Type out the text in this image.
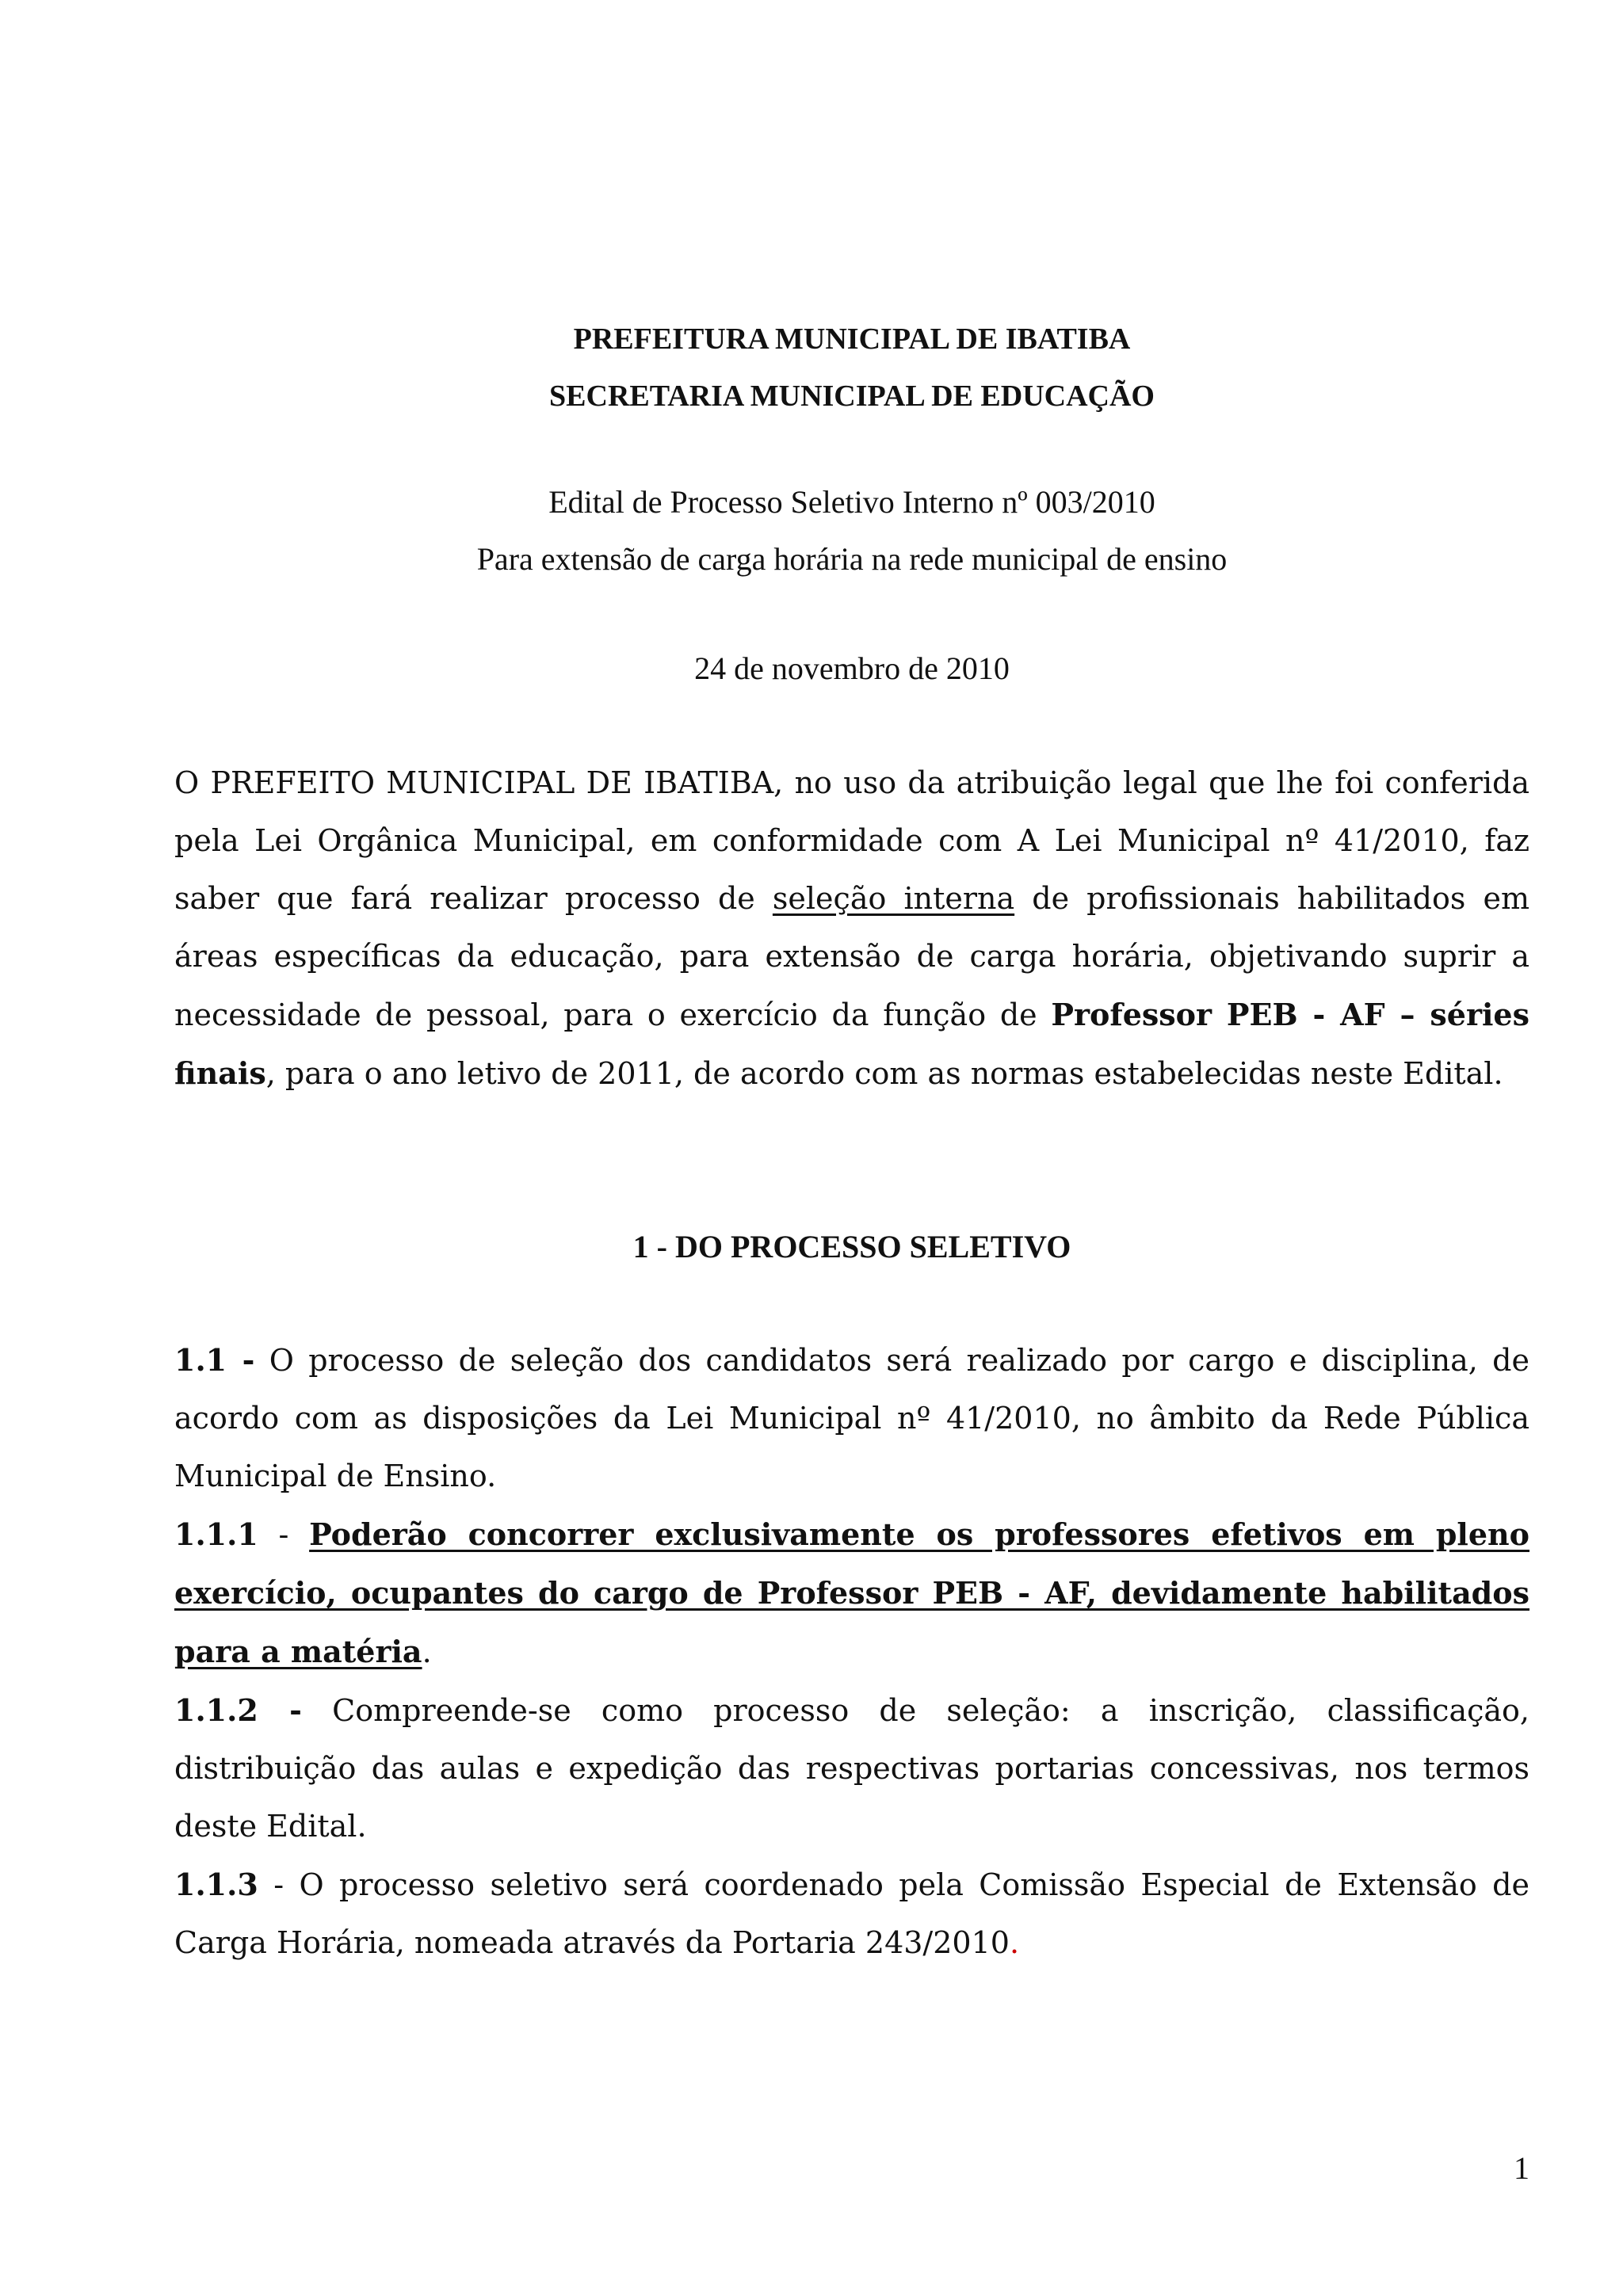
PREFEITURA MUNICIPAL DE IBATIBA
SECRETARIA MUNICIPAL DE EDUCAÇÃO
Edital de Processo Seletivo Interno nº 003/2010
Para extensão de carga horária na rede municipal de ensino
24 de novembro de 2010
O PREFEITO MUNICIPAL DE IBATIBA, no uso da atribuição legal que lhe foi conferida pela Lei Orgânica Municipal, em conformidade com A Lei Municipal nº 41/2010, faz saber que fará realizar processo de seleção interna de profissionais habilitados em áreas específicas da educação, para extensão de carga horária, objetivando suprir a necessidade de pessoal, para o exercício da função de Professor PEB - AF – séries finais, para o ano letivo de 2011, de acordo com as normas estabelecidas neste Edital.
1 - DO PROCESSO SELETIVO

1.1 - O processo de seleção dos candidatos será realizado por cargo e disciplina, de acordo com as disposições da Lei Municipal nº 41/2010, no âmbito da Rede Pública Municipal de Ensino.

1.1.1 - Poderão concorrer exclusivamente os professores efetivos em pleno exercício, ocupantes do cargo de Professor PEB - AF, devidamente habilitados para a matéria.

1.1.2 - Compreende-se como processo de seleção: a inscrição, classificação, distribuição das aulas e expedição das respectivas portarias concessivas, nos termos deste Edital.

1.1.3 - O processo seletivo será coordenado pela Comissão Especial de Extensão de Carga Horária, nomeada através da Portaria 243/2010.

1
